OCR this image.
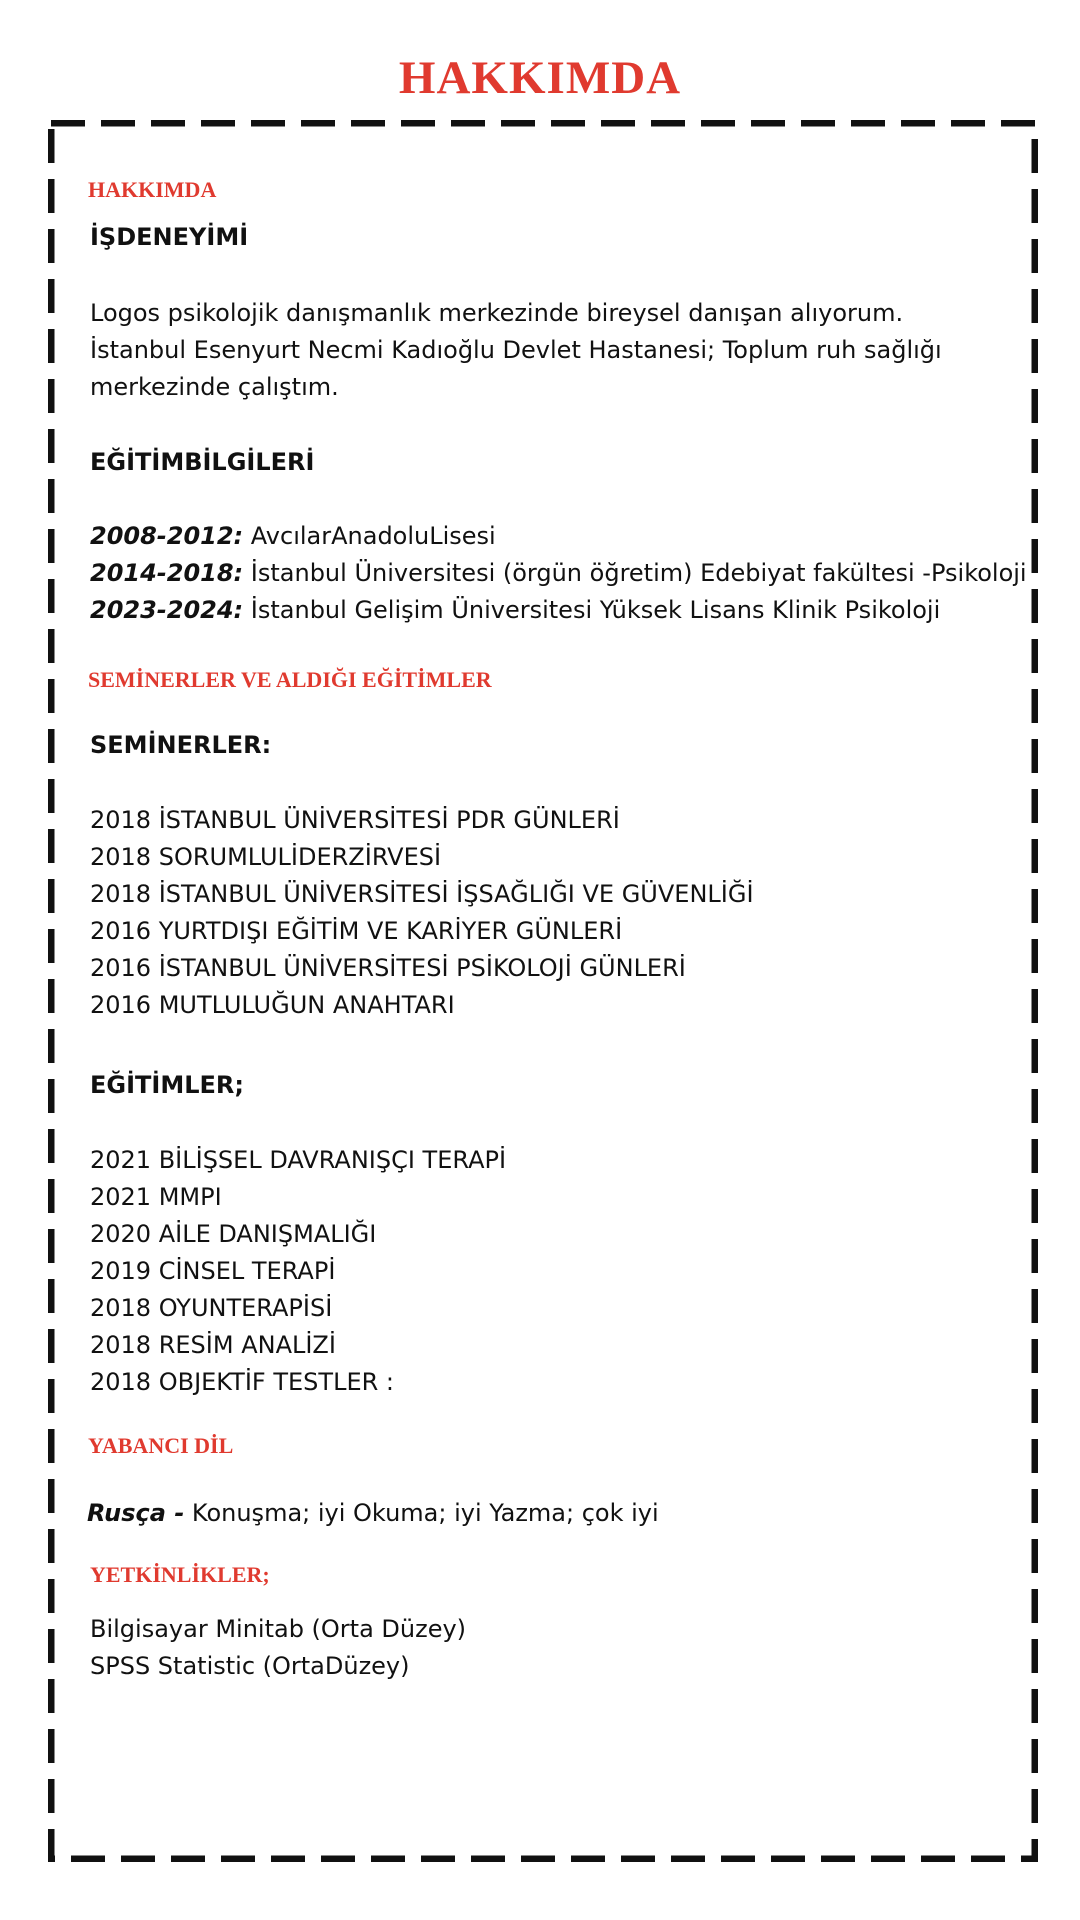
HAKKIMDA
HAKKIMDA
İŞDENEYİMİ
Logos psikolojik danışmanlık merkezinde bireysel danışan alıyorum.
İstanbul Esenyurt Necmi Kadıoğlu Devlet Hastanesi; Toplum ruh sağlığı
merkezinde çalıştım.
EĞİTİMBİLGİLERİ
2008-2012: AvcılarAnadoluLisesi
2014-2018: İstanbul Üniversitesi (örgün öğretim) Edebiyat fakültesi -Psikoloji
2023-2024: İstanbul Gelişim Üniversitesi Yüksek Lisans Klinik Psikoloji
SEMİNERLER VE ALDIĞI EĞİTİMLER
SEMİNERLER:
2018 İSTANBUL ÜNİVERSİTESİ PDR GÜNLERİ
2018 SORUMLULİDERZİRVESİ
2018 İSTANBUL ÜNİVERSİTESİ İŞSAĞLIĞI VE GÜVENLİĞİ
2016 YURTDIŞI EĞİTİM VE KARİYER GÜNLERİ
2016 İSTANBUL ÜNİVERSİTESİ PSİKOLOJİ GÜNLERİ
2016 MUTLULUĞUN ANAHTARI
EĞİTİMLER;
2021 BİLİŞSEL DAVRANIŞÇI TERAPİ
2021 MMPI
2020 AİLE DANIŞMALIĞI
2019 CİNSEL TERAPİ
2018 OYUNTERAPİSİ
2018 RESİM ANALİZİ
2018 OBJEKTİF TESTLER :
YABANCI DİL
Rusça - Konuşma; iyi Okuma; iyi Yazma; çok iyi
YETKİNLİKLER;
Bilgisayar Minitab (Orta Düzey)
SPSS Statistic (OrtaDüzey)
